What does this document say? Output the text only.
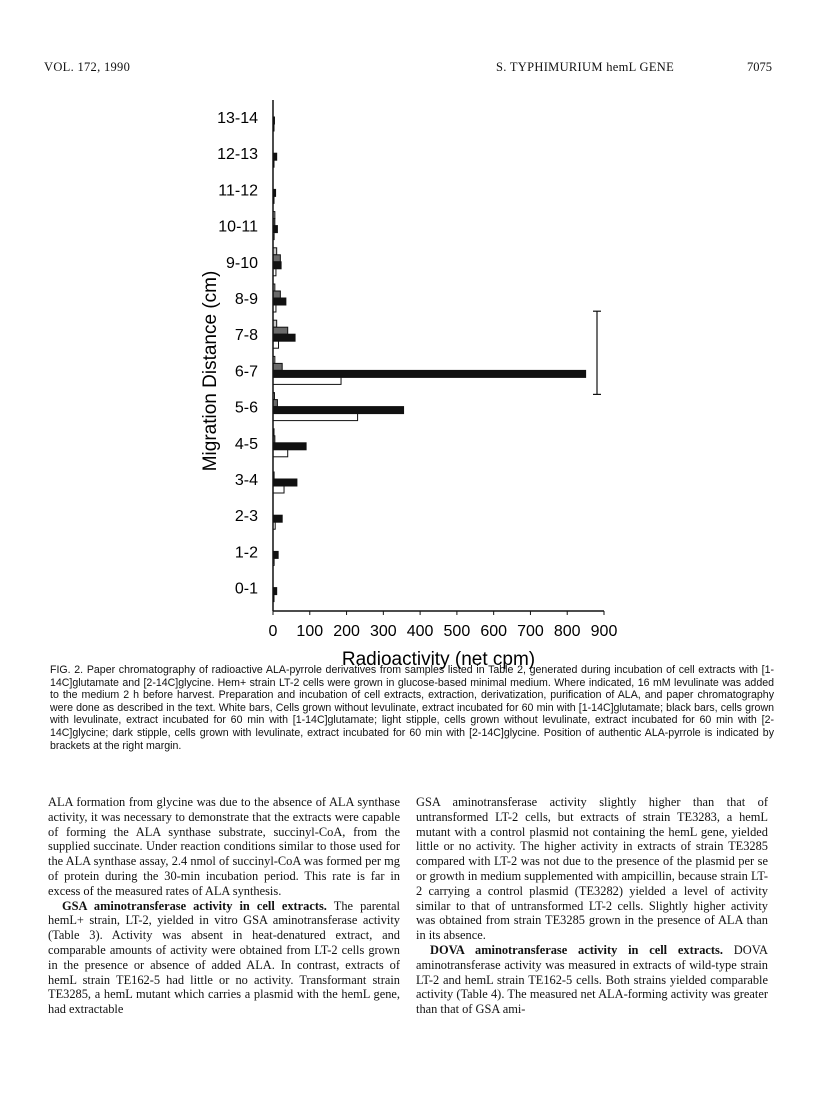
VOL. 172, 1990	S. TYPHIMURIUM hemL GENE	7075
13-14
12-13
11-12
10-11
9-10
8-9
7-8
6-7
5-6
4-5
3-4
2-3
1-2
0-1
0 100 200 300 400 500 600 700 800 900
Radioactivity (net cpm)
Migration Distance (cm)
FIG. 2. Paper chromatography of radioactive ALA-pyrrole derivatives from samples listed in Table 2, generated during incubation of cell extracts with [1-14C]glutamate and [2-14C]glycine. Hem+ strain LT-2 cells were grown in glucose-based minimal medium. Where indicated, 16 mM levulinate was added to the medium 2 h before harvest. Preparation and incubation of cell extracts, extraction, derivatization, purification of ALA, and paper chromatography were done as described in the text. White bars, Cells grown without levulinate, extract incubated for 60 min with [1-14C]glutamate; black bars, cells grown with levulinate, extract incubated for 60 min with [1-14C]glutamate; light stipple, cells grown without levulinate, extract incubated for 60 min with [2-14C]glycine; dark stipple, cells grown with levulinate, extract incubated for 60 min with [2-14C]glycine. Position of authentic ALA-pyrrole is indicated by brackets at the right margin.

ALA formation from glycine was due to the absence of ALA synthase activity, it was necessary to demonstrate that the extracts were capable of forming the ALA synthase substrate, succinyl-CoA, from the supplied succinate. Under reaction conditions similar to those used for the ALA synthase assay, 2.4 nmol of succinyl-CoA was formed per mg of protein during the 30-min incubation period. This rate is far in excess of the measured rates of ALA synthesis.

GSA aminotransferase activity in cell extracts. The parental hemL+ strain, LT-2, yielded in vitro GSA aminotransferase activity (Table 3). Activity was absent in heat-denatured extract, and comparable amounts of activity were obtained from LT-2 cells grown in the presence or absence of added ALA. In contrast, extracts of hemL strain TE162-5 had little or no activity. Transformant strain TE3285, a hemL mutant which carries a plasmid with the hemL gene, had extractable

GSA aminotransferase activity slightly higher than that of untransformed LT-2 cells, but extracts of strain TE3283, a hemL mutant with a control plasmid not containing the hemL gene, yielded little or no activity. The higher activity in extracts of strain TE3285 compared with LT-2 was not due to the presence of the plasmid per se or growth in medium supplemented with ampicillin, because strain LT-2 carrying a control plasmid (TE3282) yielded a level of activity similar to that of untransformed LT-2 cells. Slightly higher activity was obtained from strain TE3285 grown in the presence of ALA than in its absence.

DOVA aminotransferase activity in cell extracts. DOVA aminotransferase activity was measured in extracts of wild-type strain LT-2 and hemL strain TE162-5 cells. Both strains yielded comparable activity (Table 4). The measured net ALA-forming activity was greater than that of GSA ami-
